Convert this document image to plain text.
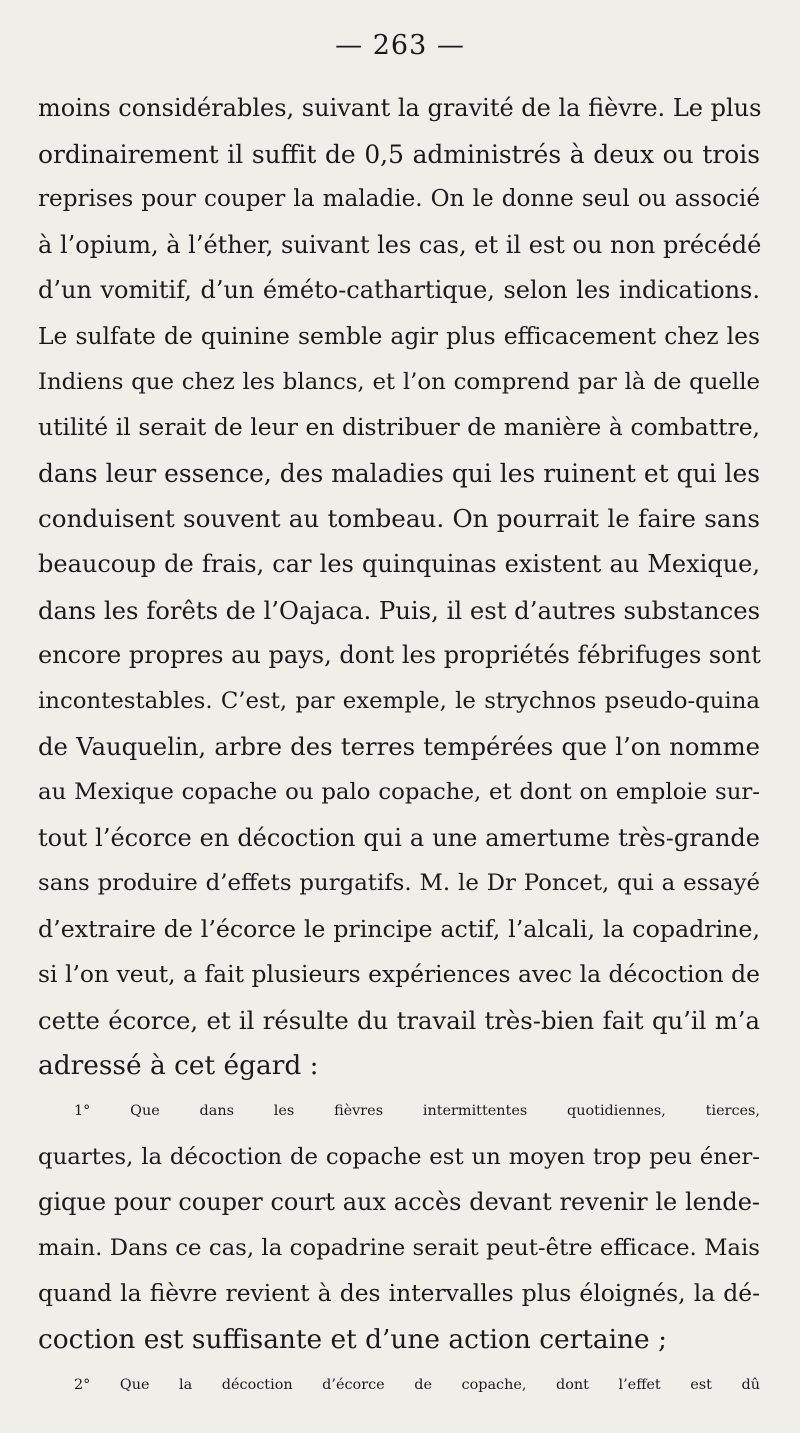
— 263 —
moins considérables, suivant la gravité de la fièvre. Le plus
ordinairement il suffit de 0,5 administrés à deux ou trois
reprises pour couper la maladie. On le donne seul ou associé
à l’opium, à l’éther, suivant les cas, et il est ou non précédé
d’un vomitif, d’un éméto-cathartique, selon les indications.
Le sulfate de quinine semble agir plus efficacement chez les
Indiens que chez les blancs, et l’on comprend par là de quelle
utilité il serait de leur en distribuer de manière à combattre,
dans leur essence, des maladies qui les ruinent et qui les
conduisent souvent au tombeau. On pourrait le faire sans
beaucoup de frais, car les quinquinas existent au Mexique,
dans les forêts de l’Oajaca. Puis, il est d’autres substances
encore propres au pays, dont les propriétés fébrifuges sont
incontestables. C’est, par exemple, le strychnos pseudo-quina
de Vauquelin, arbre des terres tempérées que l’on nomme
au Mexique copache ou palo copache, et dont on emploie sur-
tout l’écorce en décoction qui a une amertume très-grande
sans produire d’effets purgatifs. M. le Dr Poncet, qui a essayé
d’extraire de l’écorce le principe actif, l’alcali, la copadrine,
si l’on veut, a fait plusieurs expériences avec la décoction de
cette écorce, et il résulte du travail très-bien fait qu’il m’a
adressé à cet égard :
1° Que dans les fièvres intermittentes quotidiennes, tierces,
quartes, la décoction de copache est un moyen trop peu éner-
gique pour couper court aux accès devant revenir le lende-
main. Dans ce cas, la copadrine serait peut-être efficace. Mais
quand la fièvre revient à des intervalles plus éloignés, la dé-
coction est suffisante et d’une action certaine ;
2° Que la décoction d’écorce de copache, dont l’effet est dû
